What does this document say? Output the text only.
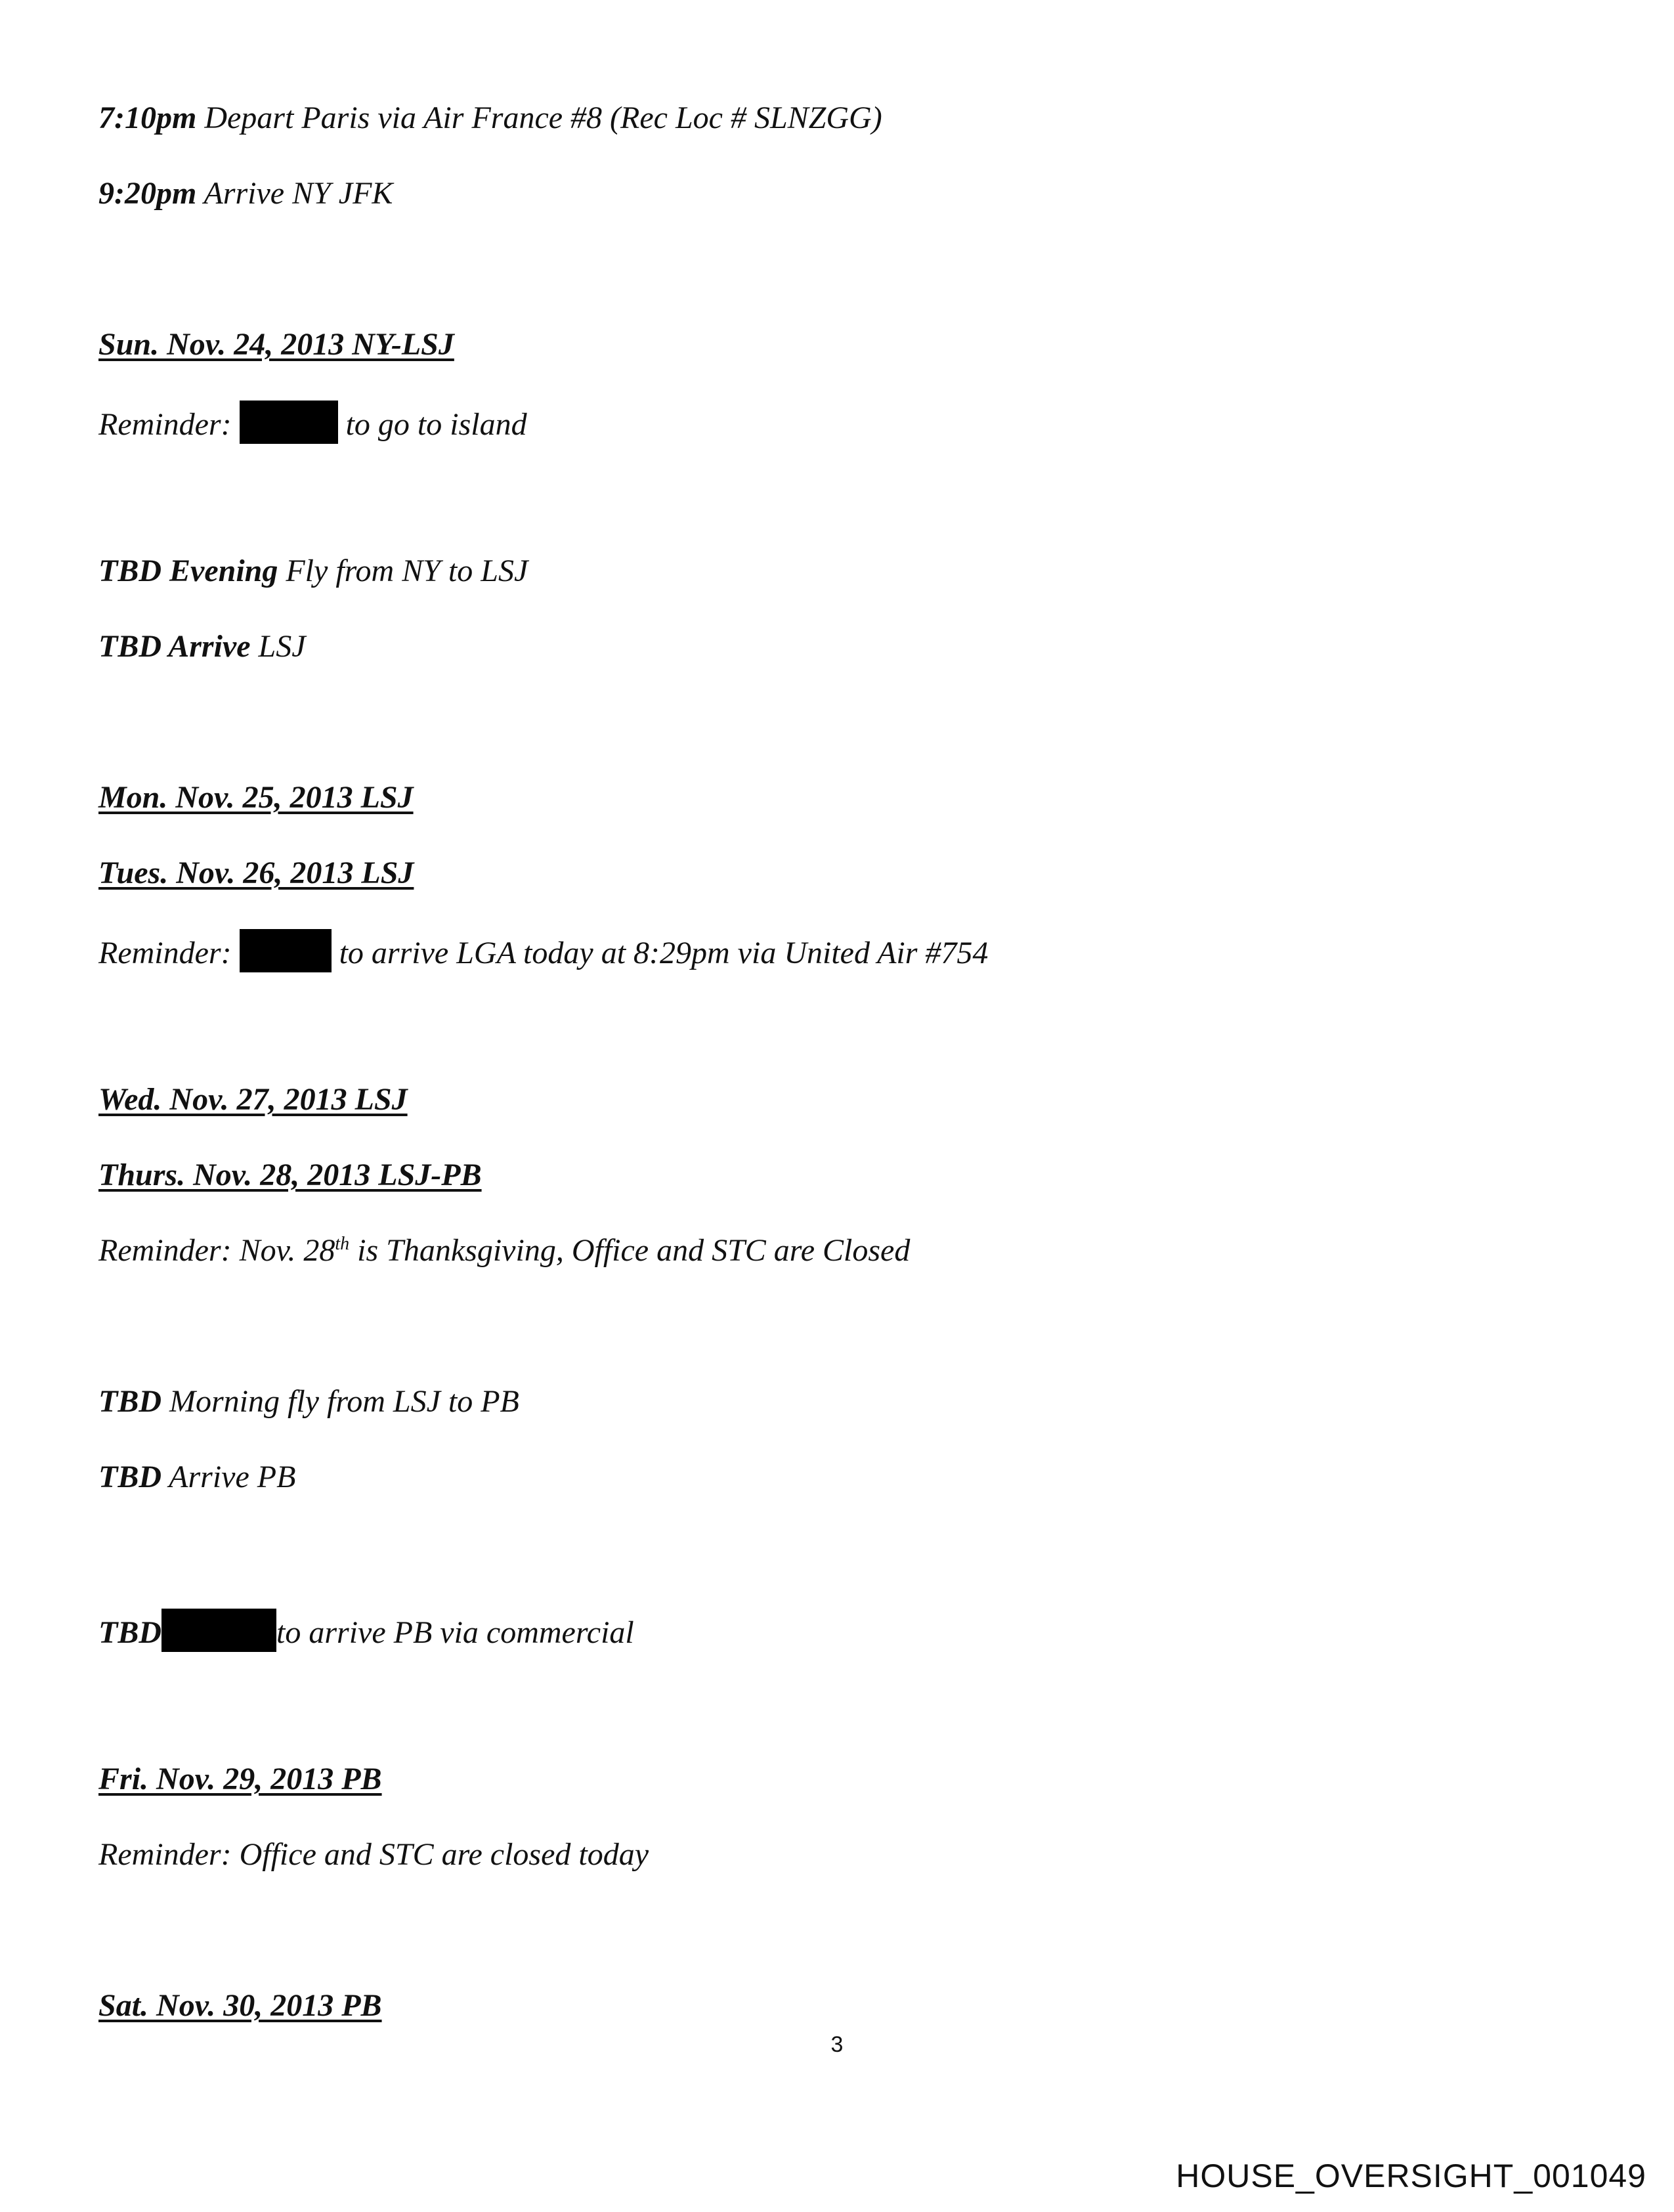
7:10pm Depart Paris via Air France #8 (Rec Loc # SLNZGG)
9:20pm Arrive NY JFK
Sun. Nov. 24, 2013 NY-LSJ
Reminder:	to go to island
TBD Evening Fly from NY to LSJ
TBD Arrive LSJ
Mon. Nov. 25, 2013 LSJ
Tues. Nov. 26, 2013 LSJ
Reminder:	to arrive LGA today at 8:29pm via United Air #754
Wed. Nov. 27, 2013 LSJ
Thurs. Nov. 28, 2013 LSJ-PB
Reminder: Nov. 28th is Thanksgiving, Office and STC are Closed
TBD Morning fly from LSJ to PB
TBD Arrive PB
TBD	to arrive PB via commercial
Fri. Nov. 29, 2013 PB
Reminder: Office and STC are closed today
Sat. Nov. 30, 2013 PB
3
HOUSE_OVERSIGHT_001049
